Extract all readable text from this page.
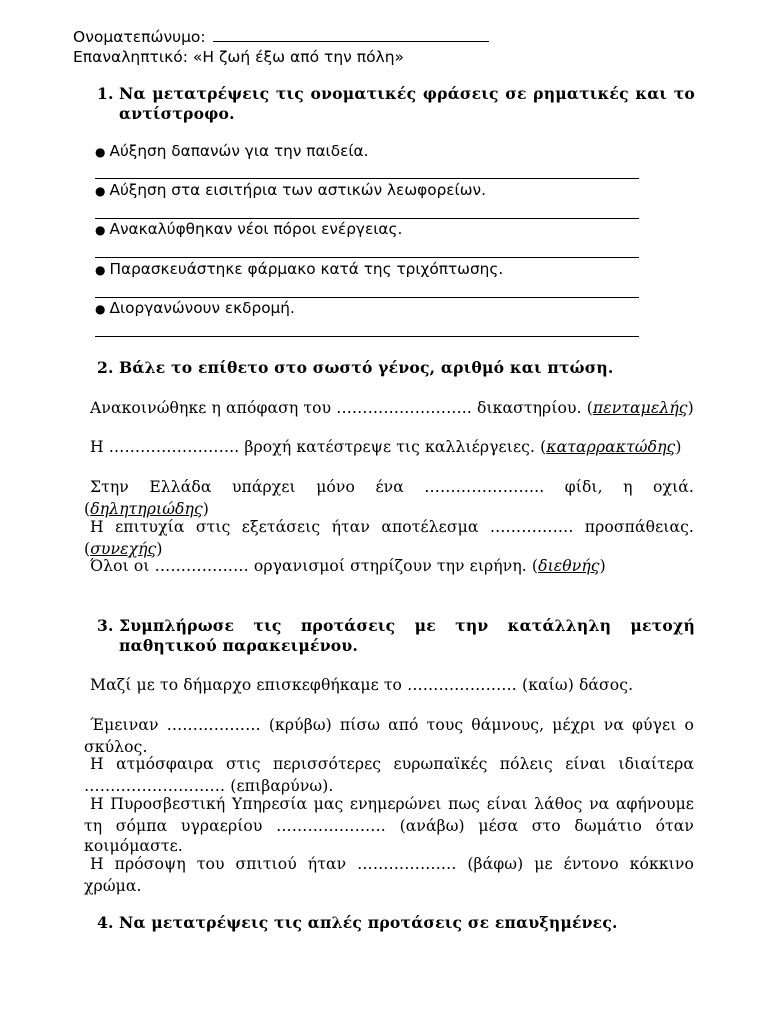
Ονοματεπώνυμο:
Επαναληπτικό: «Η ζωή έξω από την πόλη»
1. Να μετατρέψεις τις ονοματικές φράσεις σε ρηματικές και το αντίστροφο.
● Αύξηση δαπανών για την παιδεία.
● Αύξηση στα εισιτήρια των αστικών λεωφορείων.
● Ανακαλύφθηκαν νέοι πόροι ενέργειας.
● Παρασκευάστηκε φάρμακο κατά της τριχόπτωσης.
● Διοργανώνουν εκδρομή.
2. Βάλε το επίθετο στο σωστό γένος, αριθμό και πτώση.
Ανακοινώθηκε η απόφαση του …………………….. δικαστηρίου. (πενταμελής)
Η ……………………. βροχή κατέστρεψε τις καλλιέργειες. (καταρρακτώδης)
Στην Ελλάδα υπάρχει μόνο ένα ………………….. φίδι, η οχιά. (δηλητηριώδης)
Η επιτυχία στις εξετάσεις ήταν αποτέλεσμα ……………. προσπάθειας. (συνεχής)
Όλοι οι ……………… οργανισμοί στηρίζουν την ειρήνη. (διεθνής)
3. Συμπλήρωσε τις προτάσεις με την κατάλληλη μετοχή παθητικού παρακειμένου.
Μαζί με το δήμαρχο επισκεφθήκαμε το ………………… (καίω) δάσος.
Έμειναν ……………… (κρύβω) πίσω από τους θάμνους, μέχρι να φύγει ο σκύλος.
Η ατμόσφαιρα στις περισσότερες ευρωπαϊκές πόλεις είναι ιδιαίτερα ……………………… (επιβαρύνω).
Η Πυροσβεστική Υπηρεσία μας ενημερώνει πως είναι λάθος να αφήνουμε τη σόμπα υγραερίου ………………… (ανάβω) μέσα στο δωμάτιο όταν κοιμόμαστε.
Η πρόσοψη του σπιτιού ήταν ………………. (βάφω) με έντονο κόκκινο χρώμα.
4. Να μετατρέψεις τις απλές προτάσεις σε επαυξημένες.
